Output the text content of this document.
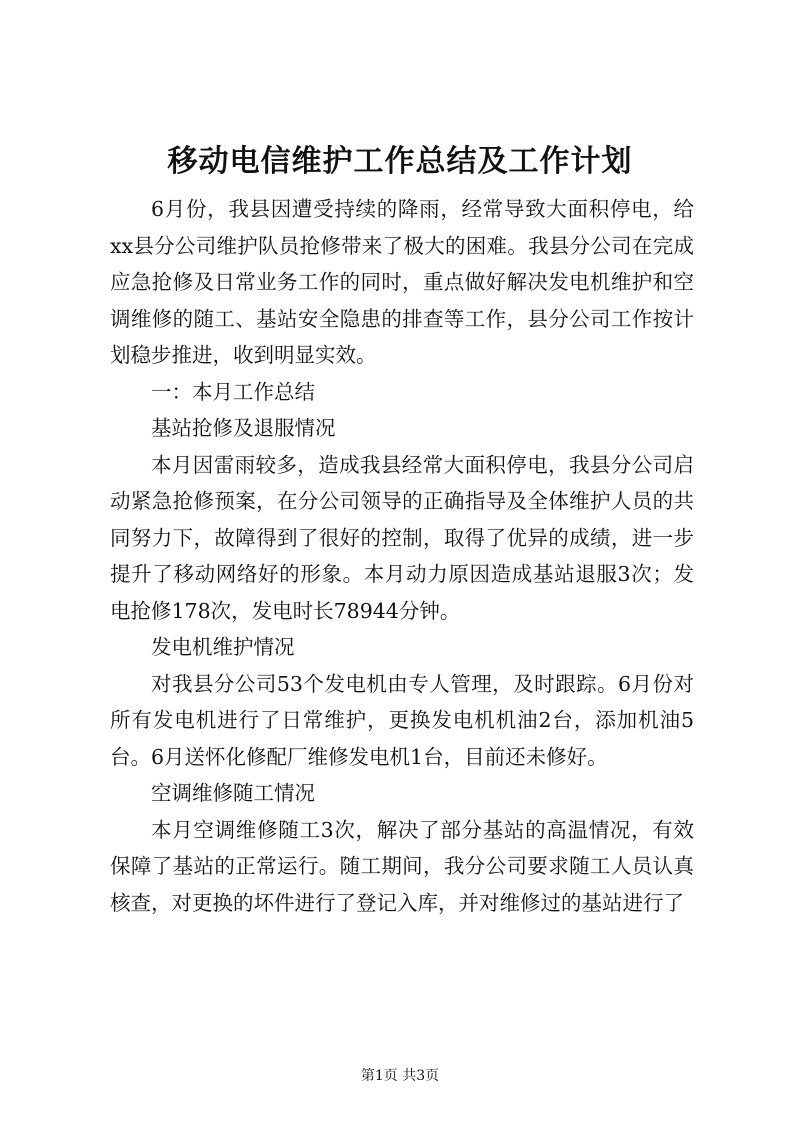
移动电信维护工作总结及工作计划

6月份，我县因遭受持续的降雨，经常导致大面积停电，给xx县分公司维护队员抢修带来了极大的困难。我县分公司在完成应急抢修及日常业务工作的同时，重点做好解决发电机维护和空调维修的随工、基站安全隐患的排查等工作，县分公司工作按计划稳步推进，收到明显实效。

一：本月工作总结

基站抢修及退服情况

本月因雷雨较多，造成我县经常大面积停电，我县分公司启动紧急抢修预案，在分公司领导的正确指导及全体维护人员的共同努力下，故障得到了很好的控制，取得了优异的成绩，进一步提升了移动网络好的形象。本月动力原因造成基站退服3次；发电抢修178次，发电时长78944分钟。

发电机维护情况

对我县分公司53个发电机由专人管理，及时跟踪。6月份对所有发电机进行了日常维护，更换发电机机油2台，添加机油5台。6月送怀化修配厂维修发电机1台，目前还未修好。

空调维修随工情况

本月空调维修随工3次，解决了部分基站的高温情况，有效保障了基站的正常运行。随工期间，我分公司要求随工人员认真核查，对更换的坏件进行了登记入库，并对维修过的基站进行了

第1页 共3页
